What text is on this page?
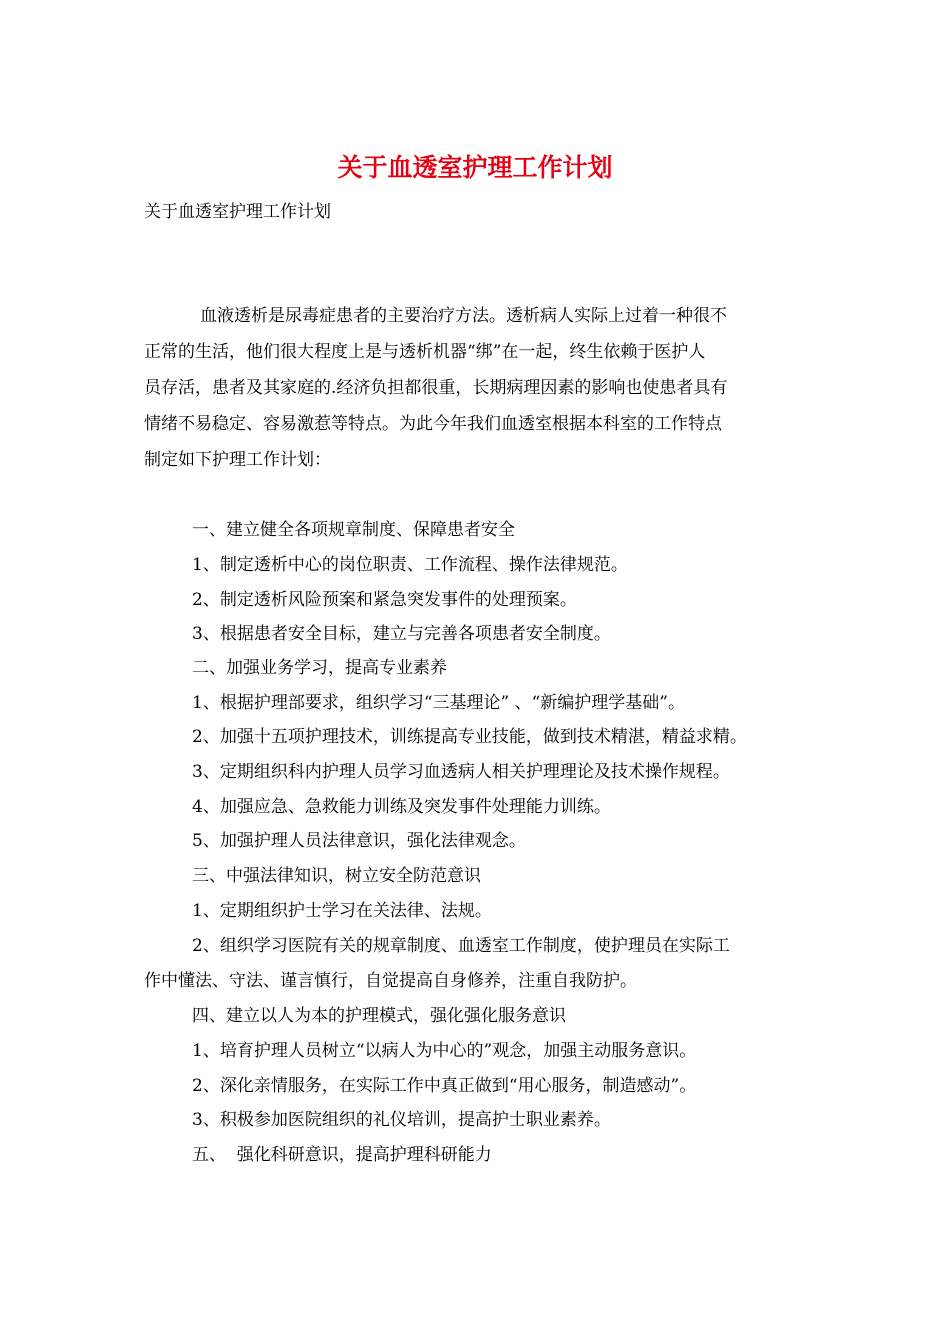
关于血透室护理工作计划

关于血透室护理工作计划

血液透析是尿毒症患者的主要治疗方法。透析病人实际上过着一种很不
正常的生活，他们很大程度上是与透析机器“绑”在一起，终生依赖于医护人
员存活，患者及其家庭的.经济负担都很重，长期病理因素的影响也使患者具有
情绪不易稳定、容易激惹等特点。为此今年我们血透室根据本科室的工作特点
制定如下护理工作计划：

一、建立健全各项规章制度、保障患者安全
1、制定透析中心的岗位职责、工作流程、操作法律规范。
2、制定透析风险预案和紧急突发事件的处理预案。
3、根据患者安全目标，建立与完善各项患者安全制度。
二、加强业务学习，提高专业素养
1、根据护理部要求，组织学习“三基理论” 、“新编护理学基础”。
2、加强十五项护理技术，训练提高专业技能，做到技术精湛，精益求精。
3、定期组织科内护理人员学习血透病人相关护理理论及技术操作规程。
4、加强应急、急救能力训练及突发事件处理能力训练。
5、加强护理人员法律意识，强化法律观念。
三、中强法律知识，树立安全防范意识
1、定期组织护士学习在关法律、法规。
2、组织学习医院有关的规章制度、血透室工作制度，使护理员在实际工
作中懂法、守法、谨言慎行，自觉提高自身修养，注重自我防护。
四、建立以人为本的护理模式，强化强化服务意识
1、培育护理人员树立“以病人为中心的”观念，加强主动服务意识。
2、深化亲情服务，在实际工作中真正做到“用心服务，制造感动”。
3、积极参加医院组织的礼仪培训，提高护士职业素养。
五、  强化科研意识，提高护理科研能力
